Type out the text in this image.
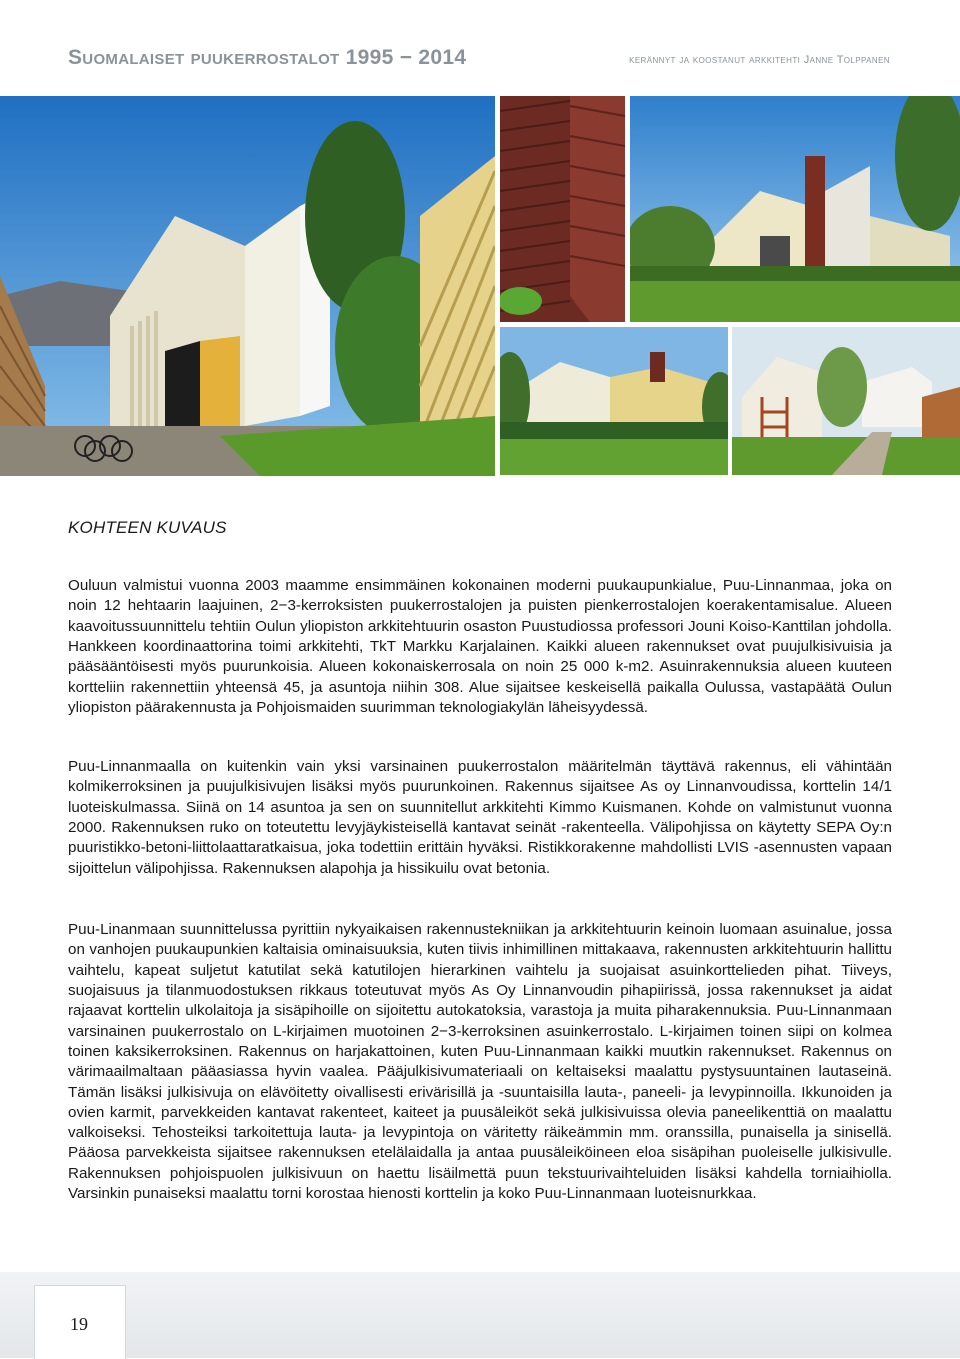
Suomalaiset puukerrostalot 1995 − 2014	kerännyt ja koostanut arkkitehti Janne Tolppanen
KOHTEEN KUVAUS

Ouluun valmistui vuonna 2003 maamme ensimmäinen kokonainen moderni puukaupunkialue, Puu-Linnanmaa, joka on noin 12 hehtaarin laajuinen, 2−3-kerroksisten puukerrostalojen ja puisten pienkerrostalojen koerakentamisalue. Alueen kaavoitussuunnittelu tehtiin Oulun yliopiston arkkitehtuurin osaston Puustudiossa professori Jouni Koiso-Kanttilan johdolla. Hankkeen koordinaattorina toimi arkkitehti, TkT Markku Karjalainen. Kaikki alueen rakennukset ovat puujulkisivuisia ja pääsääntöisesti myös puurunkoisia. Alueen kokonaiskerrosala on noin 25 000 k-m2. Asuinrakennuksia alueen kuuteen kortteliin rakennettiin yhteensä 45, ja asuntoja niihin 308. Alue sijaitsee keskeisellä paikalla Oulussa, vastapäätä Oulun yliopiston päärakennusta ja Pohjoismaiden suurimman teknologiakylän läheisyydessä.

Puu-Linnanmaalla on kuitenkin vain yksi varsinainen puukerrostalon määritelmän täyttävä rakennus, eli vähintään kolmikerroksinen ja puujulkisivujen lisäksi myös puurunkoinen. Rakennus sijaitsee As oy Linnanvoudissa, korttelin 14/1 luoteiskulmassa. Siinä on 14 asuntoa ja sen on suunnitellut arkkitehti Kimmo Kuismanen. Kohde on valmistunut vuonna 2000. Rakennuksen ruko on toteutettu levyjäykisteisellä kantavat seinät -rakenteella. Välipohjissa on käytetty SEPA Oy:n puuristikko-betoni-liittolaattaratkaisua, joka todettiin erittäin hyväksi. Ristikkorakenne mahdollisti LVIS -asennusten vapaan sijoittelun välipohjissa. Rakennuksen alapohja ja hissikuilu ovat betonia.

Puu-Linanmaan suunnittelussa pyrittiin nykyaikaisen rakennustekniikan ja arkkitehtuurin keinoin luomaan asuinalue, jossa on vanhojen puukaupunkien kaltaisia ominaisuuksia, kuten tiivis inhimillinen mittakaava, rakennusten arkkitehtuurin hallittu vaihtelu, kapeat suljetut katutilat sekä katutilojen hierarkinen vaihtelu ja suojaisat asuinkorttelieden pihat. Tiiveys, suojaisuus ja tilanmuodostuksen rikkaus toteutuvat myös As Oy Linnanvoudin pihapiirissä, jossa rakennukset ja aidat rajaavat korttelin ulkolaitoja ja sisäpihoille on sijoitettu autokatoksia, varastoja ja muita piharakennuksia. Puu-Linnanmaan varsinainen puukerrostalo on L-kirjaimen muotoinen 2−3-kerroksinen asuinkerrostalo. L-kirjaimen toinen siipi on kolmea toinen kaksikerroksinen. Rakennus on harjakattoinen, kuten Puu-Linnanmaan kaikki muutkin rakennukset. Rakennus on värimaailmaltaan pääasiassa hyvin vaalea. Pääjulkisivumateriaali on keltaiseksi maalattu pystysuuntainen lautaseinä. Tämän lisäksi julkisivuja on elävöitetty oivallisesti erivärisillä ja -suuntaisilla lauta-, paneeli- ja levypinnoilla. Ikkunoiden ja ovien karmit, parvekkeiden kantavat rakenteet, kaiteet ja puusäleiköt sekä julkisivuissa olevia paneelikenttiä on maalattu valkoiseksi. Tehosteiksi tarkoitettuja lauta- ja levypintoja on väritetty räikeämmin mm. oranssilla, punaisella ja sinisellä. Pääosa parvekkeista sijaitsee rakennuksen etelälaidalla ja antaa puusäleiköineen eloa sisäpihan puoleiselle julkisivulle. Rakennuksen pohjoispuolen julkisivuun on haettu lisäilmettä puun tekstuurivaihteluiden lisäksi kahdella torniaihiolla. Varsinkin punaiseksi maalattu torni korostaa hienosti korttelin ja koko Puu-Linnanmaan luoteisnurkkaa.

19
